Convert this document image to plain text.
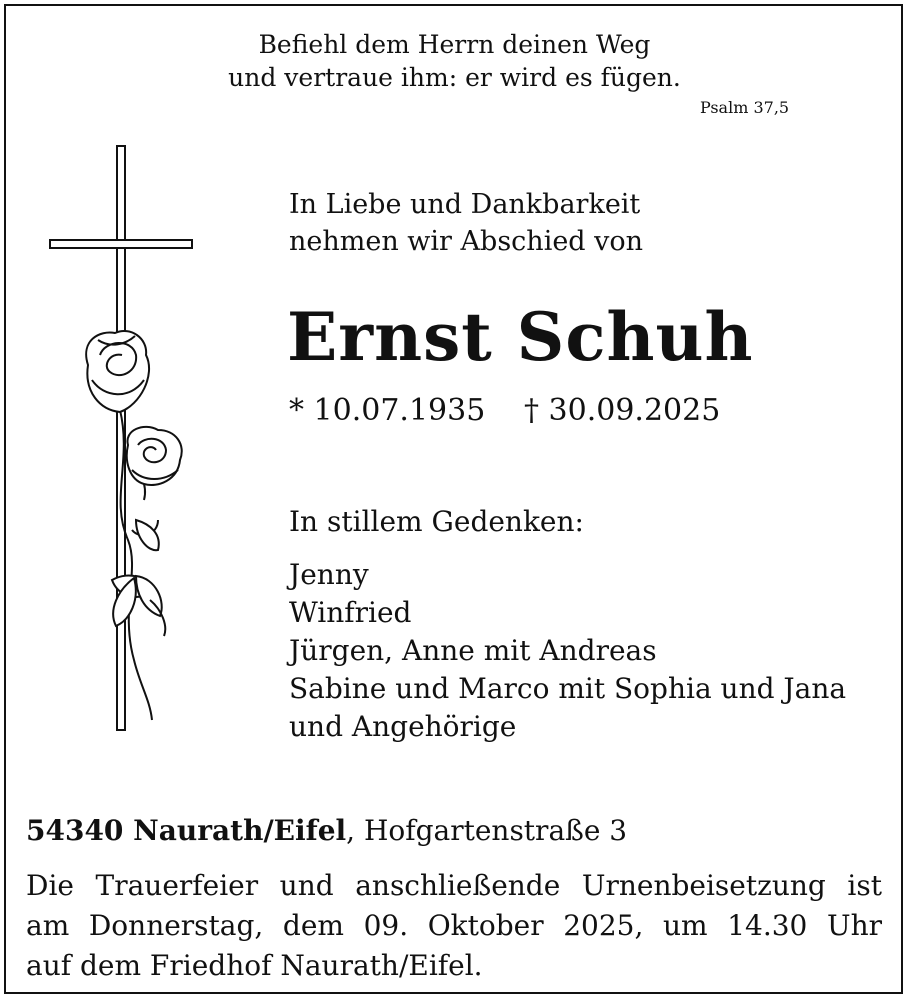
Befiehl dem Herrn deinen Weg
und vertraue ihm: er wird es fügen.
Psalm 37,5
In Liebe und Dankbarkeit
nehmen wir Abschied von
Ernst Schuh
* 10.07.1935 † 30.09.2025
In stillem Gedenken:
Jenny
Winfried
Jürgen, Anne mit Andreas
Sabine und Marco mit Sophia und Jana
und Angehörige
54340 Naurath/Eifel, Hofgartenstraße 3
Die Trauerfeier und anschließende Urnenbeisetzung ist
am Donnerstag, dem 09. Oktober 2025, um 14.30 Uhr
auf dem Friedhof Naurath/Eifel.
